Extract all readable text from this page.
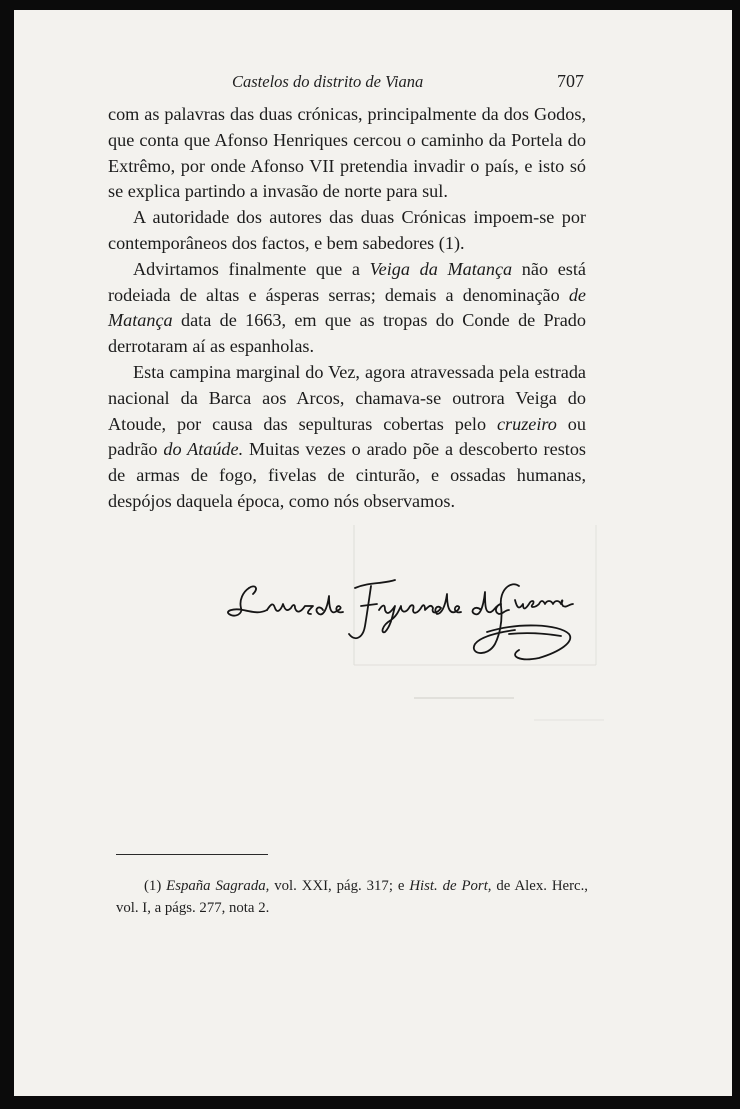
Castelos do distrito de Viana	707

com as palavras das duas crónicas, principalmente da dos Godos, que conta que Afonso Henriques cercou o caminho da Portela do Extrêmo, por onde Afonso VII pretendia invadir o país, e isto só se explica partindo a invasão de norte para sul.

A autoridade dos autores das duas Crónicas impoem-se por contemporâneos dos factos, e bem sabedores (1).

Advirtamos finalmente que a Veiga da Matança não está rodeiada de altas e ásperas serras; demais a denominação de Matança data de 1663, em que as tropas do Conde de Prado derrotaram aí as espanholas.

Esta campina marginal do Vez, agora atravessada pela estrada nacional da Barca aos Arcos, chamava-se outrora Veiga do Atoude, por causa das sepulturas cobertas pelo cruzeiro ou padrão do Ataúde. Muitas vezes o arado põe a descoberto restos de armas de fogo, fivelas de cinturão, e ossadas humanas, despójos daquela época, como nós observamos.

(1) España Sagrada, vol. XXI, pág. 317; e Hist. de Port, de Alex. Herc., vol. I, a págs. 277, nota 2.
